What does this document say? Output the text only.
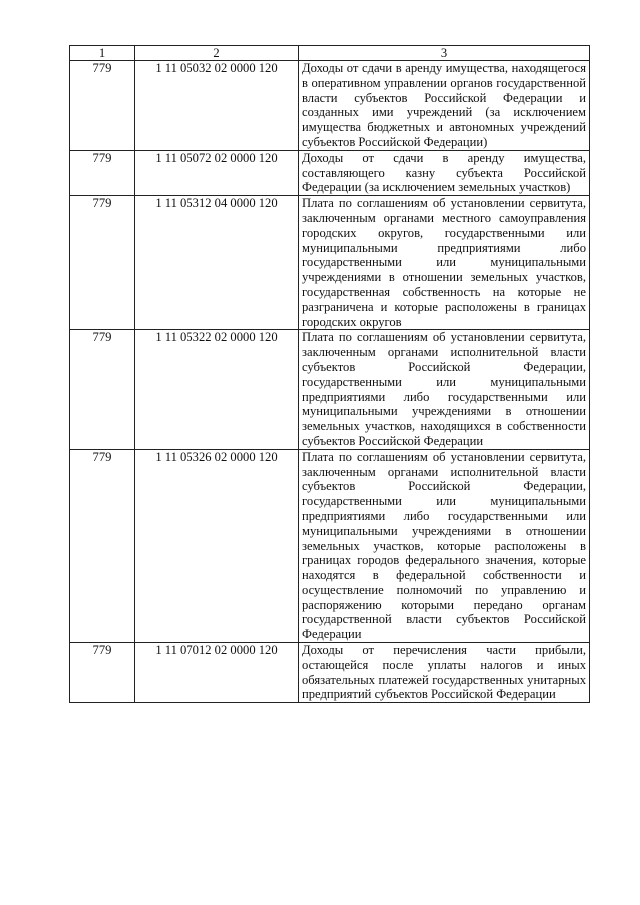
1	2	3
779	1 11 05032 02 0000 120	Доходы от сдачи в аренду имущества, находящегося в оперативном управлении органов государственной власти субъектов Российской Федерации и созданных ими учреждений (за исключением имущества бюджетных и автономных учреждений субъектов Российской Федерации)
779	1 11 05072 02 0000 120	Доходы от сдачи в аренду имущества, составляющего казну субъекта Российской Федерации (за исключением земельных участков)
779	1 11 05312 04 0000 120	Плата по соглашениям об установлении сервитута, заключенным органами местного самоуправления городских округов, государственными или муниципальными предприятиями либо государственными или муниципальными учреждениями в отношении земельных участков, государственная собственность на которые не разграничена и которые расположены в границах городских округов
779	1 11 05322 02 0000 120	Плата по соглашениям об установлении сервитута, заключенным органами исполнительной власти субъектов Российской Федерации, государственными или муниципальными предприятиями либо государственными или муниципальными учреждениями в отношении земельных участков, находящихся в собственности субъектов Российской Федерации
779	1 11 05326 02 0000 120	Плата по соглашениям об установлении сервитута, заключенным органами исполнительной власти субъектов Российской Федерации, государственными или муниципальными предприятиями либо государственными или муниципальными учреждениями в отношении земельных участков, которые расположены в границах городов федерального значения, которые находятся в федеральной собственности и осуществление полномочий по управлению и распоряжению которыми передано органам государственной власти субъектов Российской Федерации
779	1 11 07012 02 0000 120	Доходы от перечисления части прибыли, остающейся после уплаты налогов и иных обязательных платежей государственных унитарных предприятий субъектов Российской Федерации
